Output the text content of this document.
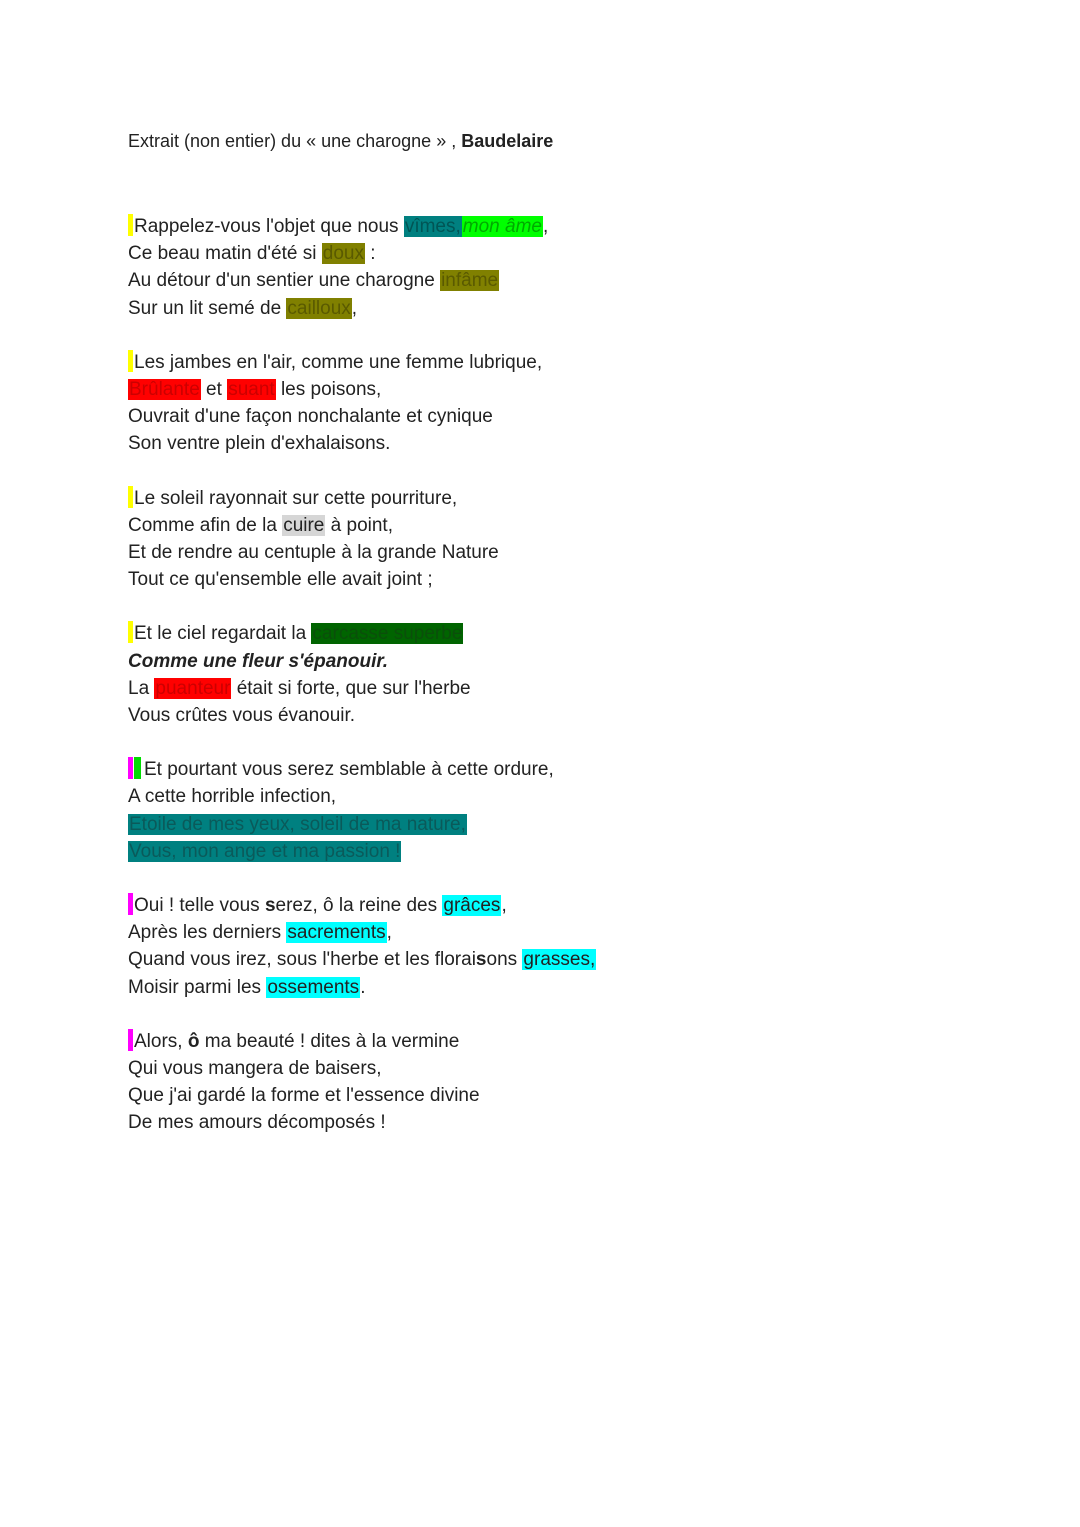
Extrait (non entier) du « une charogne » , Baudelaire
Rappelez-vous l'objet que nous vîmes, mon âme,
Ce beau matin d'été si doux :
Au détour d'un sentier une charogne infâme
Sur un lit semé de cailloux,
Les jambes en l'air, comme une femme lubrique,
Brûlante et suant les poisons,
Ouvrait d'une façon nonchalante et cynique
Son ventre plein d'exhalaisons.
Le soleil rayonnait sur cette pourriture,
Comme afin de la cuire à point,
Et de rendre au centuple à la grande Nature
Tout ce qu'ensemble elle avait joint ;
Et le ciel regardait la carcasse superbe
Comme une fleur s'épanouir.
La puanteur était si forte, que sur l'herbe
Vous crûtes vous évanouir.
Et pourtant vous serez semblable à cette ordure,
A cette horrible infection,
Etoile de mes yeux, soleil de ma nature,
Vous, mon ange et ma passion !
Oui ! telle vous serez, ô la reine des grâces,
Après les derniers sacrements,
Quand vous irez, sous l'herbe et les floraisons grasses,
Moisir parmi les ossements.
Alors, ô ma beauté ! dites à la vermine
Qui vous mangera de baisers,
Que j'ai gardé la forme et l'essence divine
De mes amours décomposés !
